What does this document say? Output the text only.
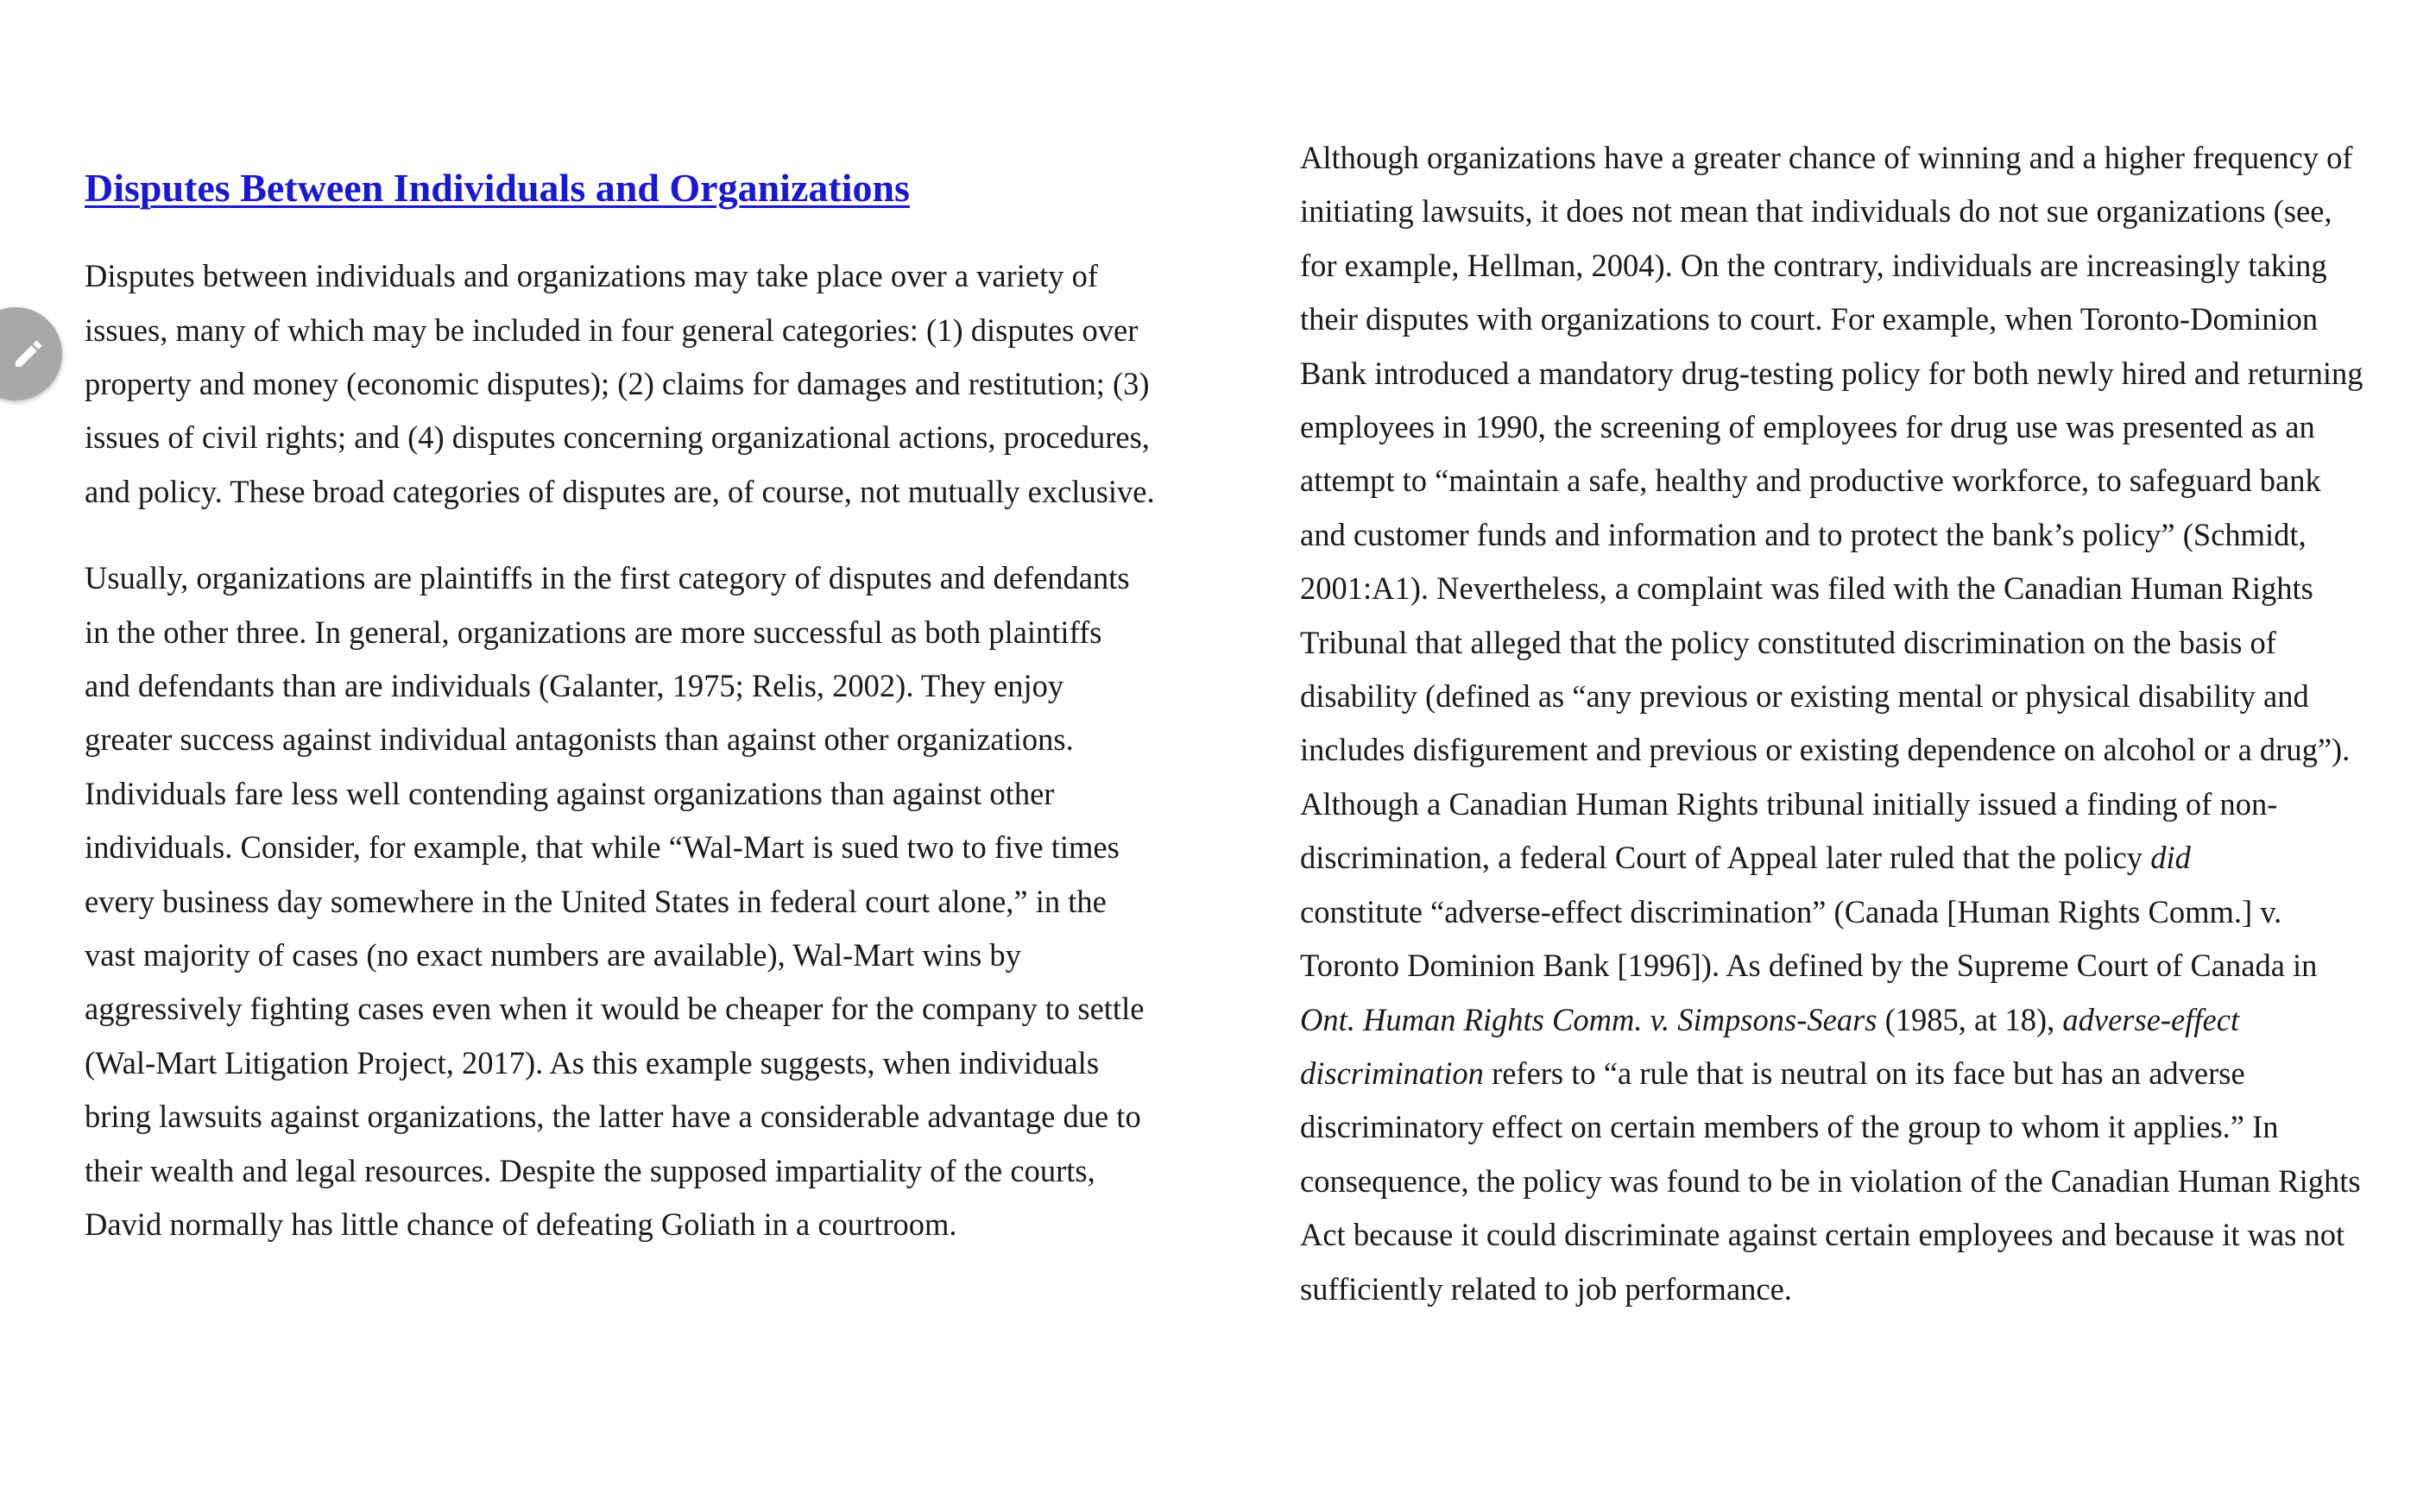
Disputes Between Individuals and Organizations

Disputes between individuals and organizations may take place over a variety of issues, many of which may be included in four general categories: (1) disputes over property and money (economic disputes); (2) claims for damages and restitution; (3) issues of civil rights; and (4) disputes concerning organizational actions, procedures, and policy. These broad categories of disputes are, of course, not mutually exclusive.

Usually, organizations are plaintiffs in the first category of disputes and defendants in the other three. In general, organizations are more successful as both plaintiffs and defendants than are individuals (Galanter, 1975; Relis, 2002). They enjoy greater success against individual antagonists than against other organizations. Individuals fare less well contending against organizations than against other individuals. Consider, for example, that while “Wal-Mart is sued two to five times every business day somewhere in the United States in federal court alone,” in the vast majority of cases (no exact numbers are available), Wal-Mart wins by aggressively fighting cases even when it would be cheaper for the company to settle (Wal-Mart Litigation Project, 2017). As this example suggests, when individuals bring lawsuits against organizations, the latter have a considerable advantage due to their wealth and legal resources. Despite the supposed impartiality of the courts, David normally has little chance of defeating Goliath in a courtroom.

Although organizations have a greater chance of winning and a higher frequency of initiating lawsuits, it does not mean that individuals do not sue organizations (see, for example, Hellman, 2004). On the contrary, individuals are increasingly taking their disputes with organizations to court. For example, when Toronto-Dominion Bank introduced a mandatory drug-testing policy for both newly hired and returning employees in 1990, the screening of employees for drug use was presented as an attempt to “maintain a safe, healthy and productive workforce, to safeguard bank and customer funds and information and to protect the bank’s policy” (Schmidt, 2001:A1). Nevertheless, a complaint was filed with the Canadian Human Rights Tribunal that alleged that the policy constituted discrimination on the basis of disability (defined as “any previous or existing mental or physical disability and includes disfigurement and previous or existing dependence on alcohol or a drug”). Although a Canadian Human Rights tribunal initially issued a finding of non-discrimination, a federal Court of Appeal later ruled that the policy did
constitute “adverse-effect discrimination” (Canada [Human Rights Comm.] v. Toronto Dominion Bank [1996]). As defined by the Supreme Court of Canada in Ont. Human Rights Comm. v. Simpsons-Sears (1985, at 18), adverse-effect discrimination refers to “a rule that is neutral on its face but has an adverse discriminatory effect on certain members of the group to whom it applies.” In consequence, the policy was found to be in violation of the Canadian Human Rights Act because it could discriminate against certain employees and because it was not sufficiently related to job performance.
